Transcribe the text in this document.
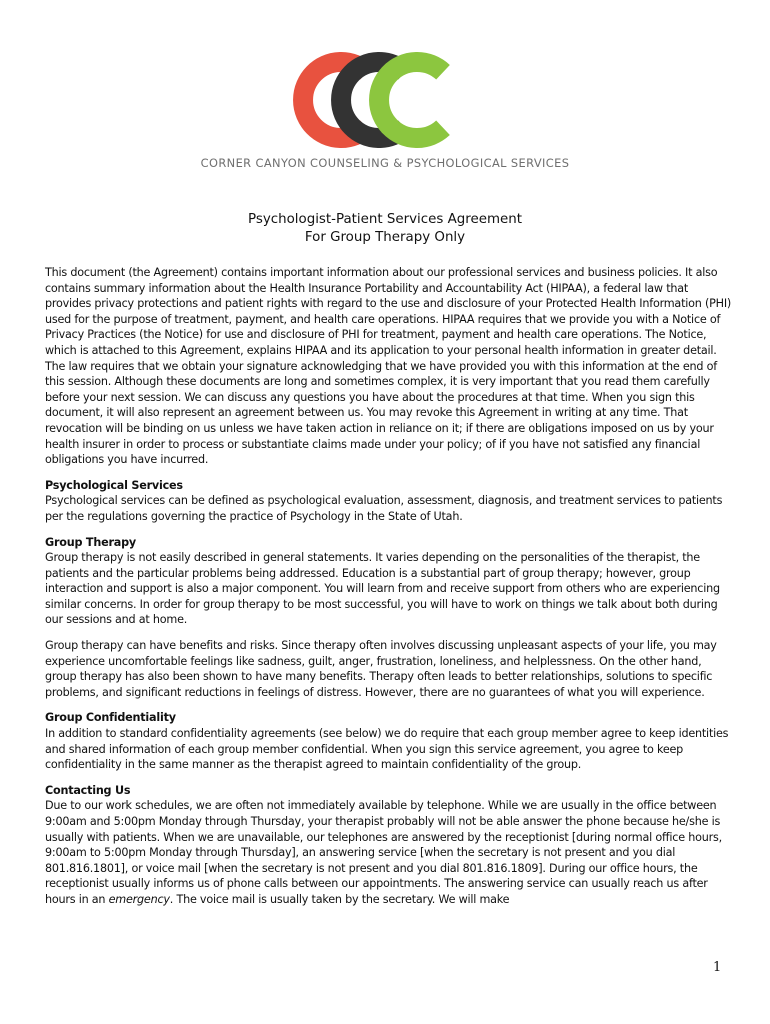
CORNER CANYON COUNSELING & PSYCHOLOGICAL SERVICES
Psychologist-Patient Services Agreement
For Group Therapy Only

This document (the Agreement) contains important information about our professional services and business policies. It also contains summary information about the Health Insurance Portability and Accountability Act (HIPAA), a federal law that provides privacy protections and patient rights with regard to the use and disclosure of your Protected Health Information (PHI) used for the purpose of treatment, payment, and health care operations. HIPAA requires that we provide you with a Notice of Privacy Practices (the Notice) for use and disclosure of PHI for treatment, payment and health care operations. The Notice, which is attached to this Agreement, explains HIPAA and its application to your personal health information in greater detail. The law requires that we obtain your signature acknowledging that we have provided you with this information at the end of this session. Although these documents are long and sometimes complex, it is very important that you read them carefully before your next session. We can discuss any questions you have about the procedures at that time. When you sign this document, it will also represent an agreement between us. You may revoke this Agreement in writing at any time. That revocation will be binding on us unless we have taken action in reliance on it; if there are obligations imposed on us by your health insurer in order to process or substantiate claims made under your policy; of if you have not satisfied any financial obligations you have incurred.

Psychological Services

Psychological services can be defined as psychological evaluation, assessment, diagnosis, and treatment services to patients per the regulations governing the practice of Psychology in the State of Utah.

Group Therapy

Group therapy is not easily described in general statements. It varies depending on the personalities of the therapist, the patients and the particular problems being addressed. Education is a substantial part of group therapy; however, group interaction and support is also a major component. You will learn from and receive support from others who are experiencing similar concerns. In order for group therapy to be most successful, you will have to work on things we talk about both during our sessions and at home.

Group therapy can have benefits and risks. Since therapy often involves discussing unpleasant aspects of your life, you may experience uncomfortable feelings like sadness, guilt, anger, frustration, loneliness, and helplessness. On the other hand, group therapy has also been shown to have many benefits. Therapy often leads to better relationships, solutions to specific problems, and significant reductions in feelings of distress. However, there are no guarantees of what you will experience.

Group Confidentiality

In addition to standard confidentiality agreements (see below) we do require that each group member agree to keep identities and shared information of each group member confidential. When you sign this service agreement, you agree to keep confidentiality in the same manner as the therapist agreed to maintain confidentiality of the group.

Contacting Us

Due to our work schedules, we are often not immediately available by telephone. While we are usually in the office between 9:00am and 5:00pm Monday through Thursday, your therapist probably will not be able answer the phone because he/she is usually with patients. When we are unavailable, our telephones are answered by the receptionist [during normal office hours, 9:00am to 5:00pm Monday through Thursday], an answering service [when the secretary is not present and you dial 801.816.1801], or voice mail [when the secretary is not present and you dial 801.816.1809]. During our office hours, the receptionist usually informs us of phone calls between our appointments. The answering service can usually reach us after hours in an emergency. The voice mail is usually taken by the secretary. We will make

1
